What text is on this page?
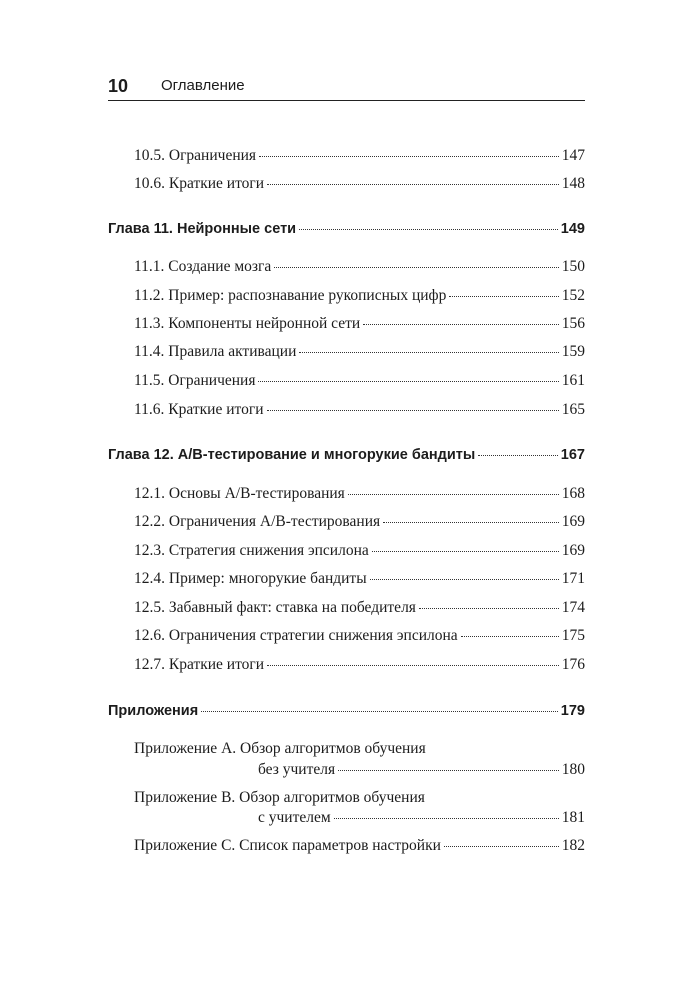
10 Оглавление
10.5. Ограничения	147
10.6. Краткие итоги	148
Глава 11. Нейронные сети	149
11.1. Создание мозга	150
11.2. Пример: распознавание рукописных цифр	152
11.3. Компоненты нейронной сети	156
11.4. Правила активации	159
11.5. Ограничения	161
11.6. Краткие итоги	165
Глава 12. A/B-тестирование и многорукие бандиты	167
12.1. Основы A/B-тестирования	168
12.2. Ограничения A/B-тестирования	169
12.3. Стратегия снижения эпсилона	169
12.4. Пример: многорукие бандиты	171
12.5. Забавный факт: ставка на победителя	174
12.6. Ограничения стратегии снижения эпсилона	175
12.7. Краткие итоги	176
Приложения	179
Приложение A. Обзор алгоритмов обучения
без учителя	180
Приложение B. Обзор алгоритмов обучения
с учителем	181
Приложение C. Список параметров настройки	182
